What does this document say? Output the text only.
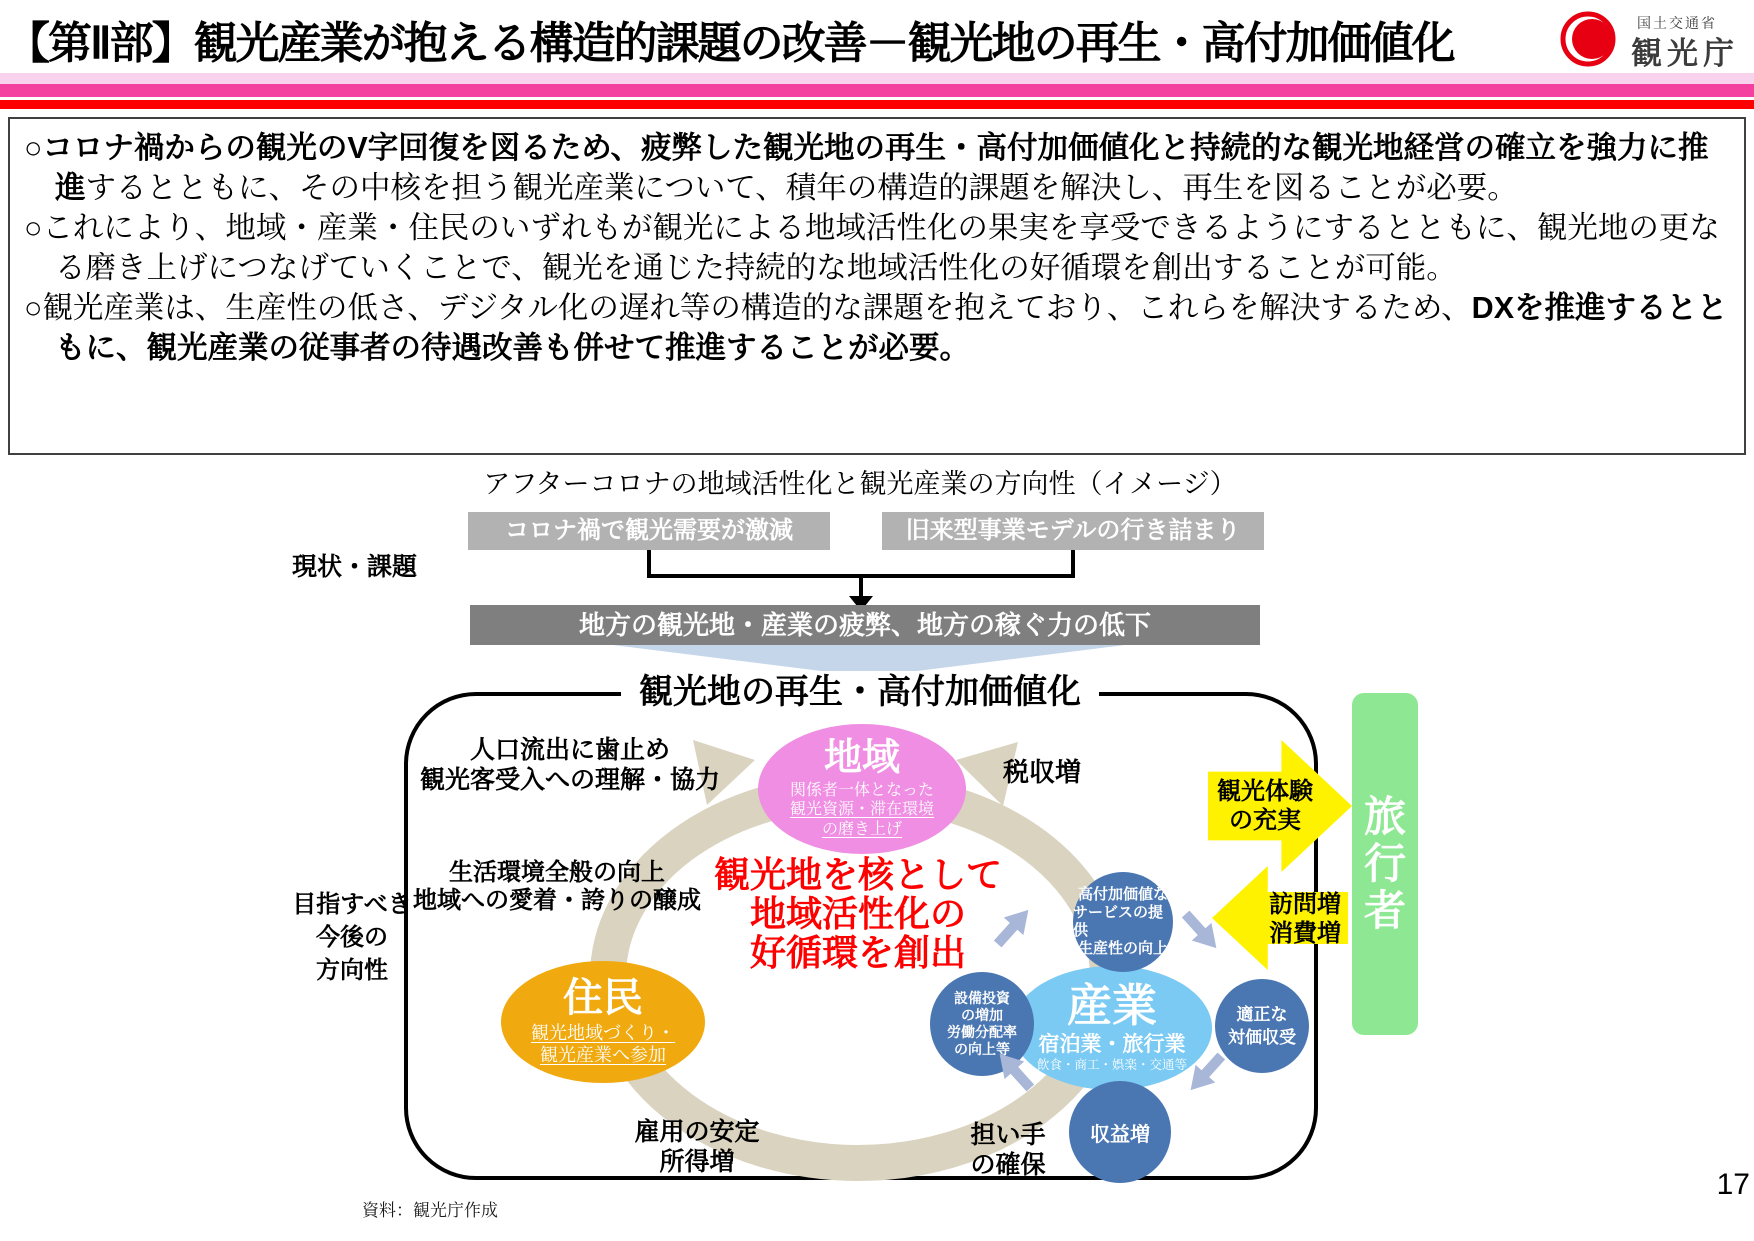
【第Ⅱ部】観光産業が抱える構造的課題の改善－観光地の再生・高付加価値化	国土交通省
観光庁

○コロナ禍からの観光のV字回復を図るため、疲弊した観光地の再生・高付加価値化と持続的な観光地経営の確立を強力に推進するとともに、その中核を担う観光産業について、積年の構造的課題を解決し、再生を図ることが必要。

○これにより、地域・産業・住民のいずれもが観光による地域活性化の果実を享受できるようにするとともに、観光地の更なる磨き上げにつなげていくことで、観光を通じた持続的な地域活性化の好循環を創出することが可能。

○観光産業は、生産性の低さ、デジタル化の遅れ等の構造的な課題を抱えており、これらを解決するため、DXを推進するとともに、観光産業の従事者の待遇改善も併せて推進することが必要。

アフターコロナの地域活性化と観光産業の方向性（イメージ）
コロナ禍で観光需要が激減	旧来型事業モデルの行き詰まり
現状・課題
地方の観光地・産業の疲弊、地方の稼ぐ力の低下
観光地の再生・高付加価値化
目指すべき
今後の
方向性
地域
関係者一体となった
観光資源・滞在環境
の磨き上げ
住民
観光地域づくり・
観光産業へ参加
産業
宿泊業・旅行業
飲食・商工・娯楽・交通等
高付加価値な
サービスの提供
生産性の向上
設備投資
の増加
労働分配率
の向上等
適正な
対価収受
収益増
観光地を核として
地域活性化の
好循環を創出
人口流出に歯止め
観光客受入への理解・協力	税収増
生活環境全般の向上
地域への愛着・誇りの醸成
雇用の安定
所得増
担い手
の確保
観光体験
の充実
訪問増
消費増
旅
行
者
資料：観光庁作成
17
